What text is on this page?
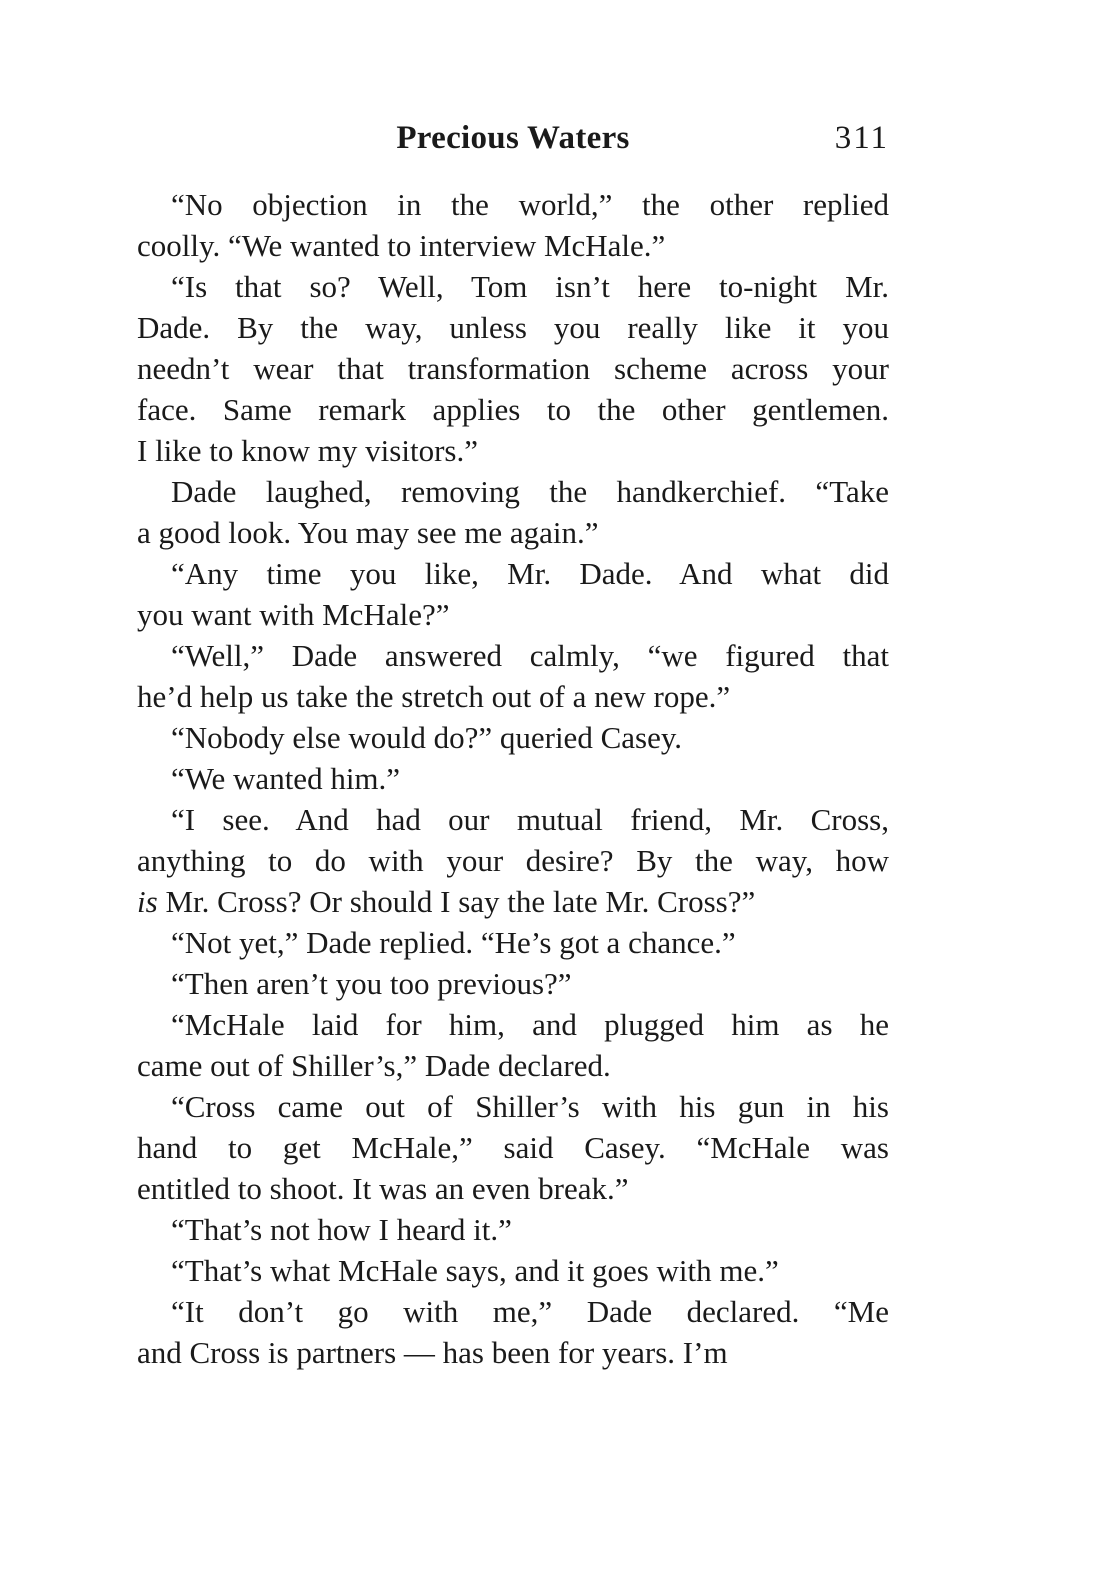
Precious Waters	311
“No objection in the world,” the other replied
coolly. “We wanted to interview McHale.”
“Is that so? Well, Tom isn’t here to-night Mr.
Dade. By the way, unless you really like it you
needn’t wear that transformation scheme across your
face. Same remark applies to the other gentlemen.
I like to know my visitors.”
Dade laughed, removing the handkerchief. “Take
a good look. You may see me again.”
“Any time you like, Mr. Dade. And what did
you want with McHale?”
“Well,” Dade answered calmly, “we figured that
he’d help us take the stretch out of a new rope.”
“Nobody else would do?” queried Casey.
“We wanted him.”
“I see. And had our mutual friend, Mr. Cross,
anything to do with your desire? By the way, how
is Mr. Cross? Or should I say the late Mr. Cross?”
“Not yet,” Dade replied. “He’s got a chance.”
“Then aren’t you too previous?”
“McHale laid for him, and plugged him as he
came out of Shiller’s,” Dade declared.
“Cross came out of Shiller’s with his gun in his
hand to get McHale,” said Casey. “McHale was
entitled to shoot. It was an even break.”
“That’s not how I heard it.”
“That’s what McHale says, and it goes with me.”
“It don’t go with me,” Dade declared. “Me
and Cross is partners — has been for years. I’m
